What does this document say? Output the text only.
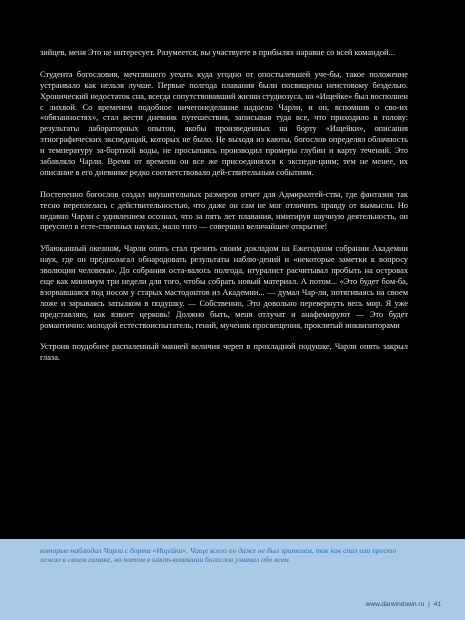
зийцев, меня Это не интересует. Разумеется, вы участвуете в прибылях наравне со всей командой...

Студента богословия, мечтавшего уехать куда угодно от опостылевшей уче-бы, такое положение устраивало как нельзя лучше. Первые полгода плавания были посвящены неистовому безделью. Хронический недостаток сна, всегда сопутствовавший жизни студиозуса, на «Ищейке» был восполнен с лихвой. Со временем подобное ничегонеделание надоело Чарли, и он, вспомнив о сво-их «обязанностях», стал вести дневник путешествия, записывая туда все, что приходило в голову: результаты лабораторных опытов, якобы произведенных на борту «Ищейки», описания этнографических экспедиций, которых не было. Не выходя из каюты, богослов определял облачность и температуру за-бортной воды, не просыпаясь производил промеры глубин и карту течений. Это забавляло Чарли. Время от времени он все же присоединялся к экспеди-циям; тем не менее, их описание в его дневнике редко соответствовало дей-ствительным событиям.

Постепенно богослов создал внушительных размеров отчет для Адмиралтей-ства, где фантазия так тесно переплелась с действительностью, что даже он сам не мог отличить правду от вымысла. Но недавно Чарли с удивлением осознал, что за пять лет плавания, имитируя научную деятельность, он преуспел в есте-ственных науках, мало того — совершил величайшее открытие!

Убаюканный океаном, Чарли опять стал грезить своим докладом на Ежегодном собрании Академии наук, где он предполагал обнародовать результаты наблю-дений и «некоторые заметки к вопросу эволюции человека». До собрания оста-валось полгода, нтуралист расчитывал пробыть на островах еще как минимум три недели для того, чтобы собрать новый материал. А потом... «Это будет бом-ба, взорвавшаяся под носом у старых мастодонтов из Академии... — думал Чар-ли, потягиваясь на своем ложе и зарываясь затылком в подушку. — Собственно, Это довольно перевернуть весь мир. Я уже представляю, как взвоет церковь! Должно быть, меня отлучат и анафемируют — Это будет романтично: молодой естествоиспытатель, гений, мученик просвещения, проклятый инквизиторами

Устроив поудобнее распаленный манией величия череп в прохладной подушке, Чарли опять закрыл глаза.

которые наблюдал Чарли с борта «Ищейки». Чаще всего он даже не был зрителем, так как спал или просто лежал в своем гамаке, но потом в кают-компании богослов узнавал обо всем.
www.darwindown.ru | 41
